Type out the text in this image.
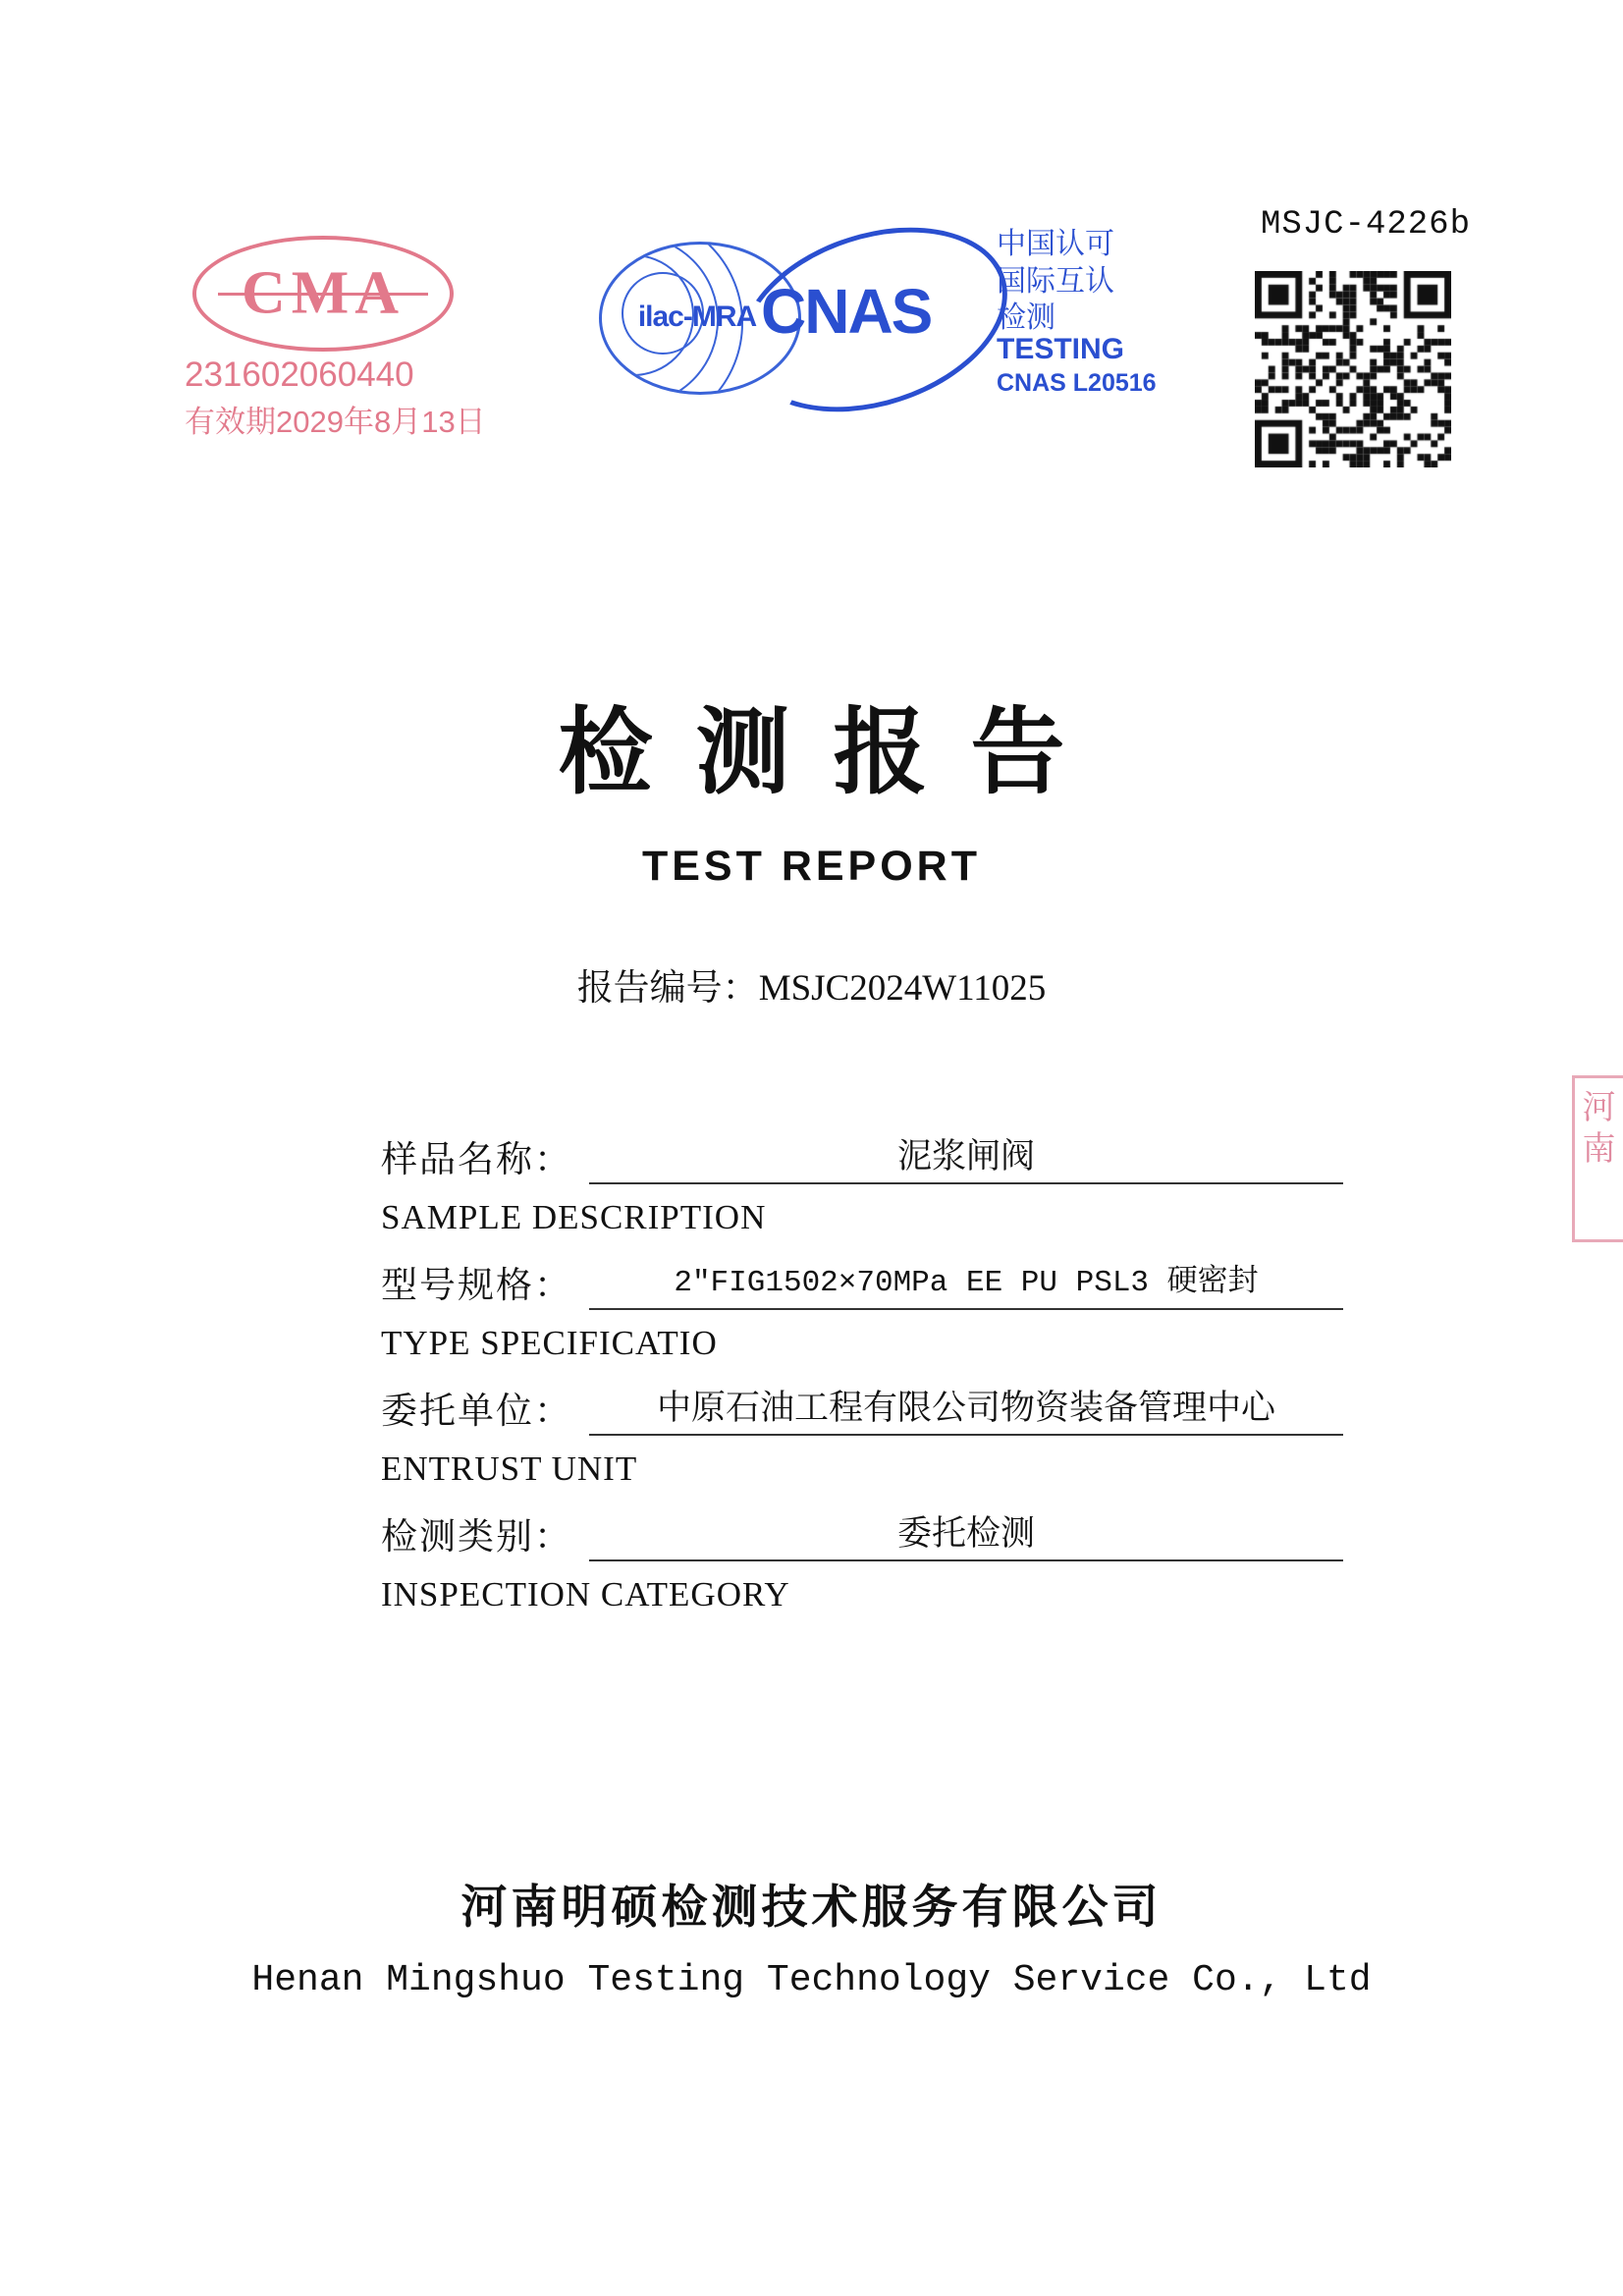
CMA
231602060440
有效期2029年8月13日
ilac-MRA CNAS
中国认可
国际互认
检测
TESTING
CNAS L20516
MSJC-4226b
检测报告
TEST REPORT
报告编号：MSJC2024W11025
样品名称：	泥浆闸阀
SAMPLE DESCRIPTION
型号规格：	2″FIG1502×70MPa EE PU PSL3 硬密封
TYPE SPECIFICATIO
委托单位：	中原石油工程有限公司物资装备管理中心
ENTRUST UNIT
检测类别：	委托检测
INSPECTION CATEGORY
河南
河南明硕检测技术服务有限公司
Henan Mingshuo Testing Technology Service Co., Ltd
